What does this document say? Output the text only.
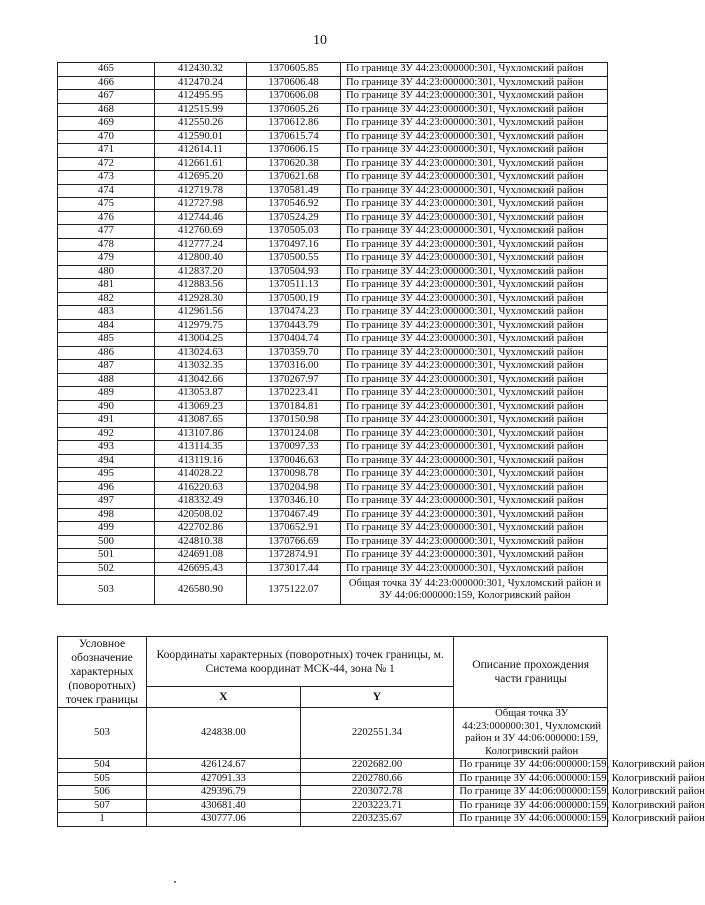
10
465	412430.32	1370605.85	По границе ЗУ 44:23:000000:301, Чухломский район
466	412470.24	1370606.48	По границе ЗУ 44:23:000000:301, Чухломский район
467	412495.95	1370606.08	По границе ЗУ 44:23:000000:301, Чухломский район
468	412515.99	1370605.26	По границе ЗУ 44:23:000000:301, Чухломский район
469	412550.26	1370612.86	По границе ЗУ 44:23:000000:301, Чухломский район
470	412590.01	1370615.74	По границе ЗУ 44:23:000000:301, Чухломский район
471	412614.11	1370606.15	По границе ЗУ 44:23:000000:301, Чухломский район
472	412661.61	1370620.38	По границе ЗУ 44:23:000000:301, Чухломский район
473	412695.20	1370621.68	По границе ЗУ 44:23:000000:301, Чухломский район
474	412719.78	1370581.49	По границе ЗУ 44:23:000000:301, Чухломский район
475	412727.98	1370546.92	По границе ЗУ 44:23:000000:301, Чухломский район
476	412744.46	1370524.29	По границе ЗУ 44:23:000000:301, Чухломский район
477	412760.69	1370505.03	По границе ЗУ 44:23:000000:301, Чухломский район
478	412777.24	1370497.16	По границе ЗУ 44:23:000000:301, Чухломский район
479	412800.40	1370500.55	По границе ЗУ 44:23:000000:301, Чухломский район
480	412837.20	1370504.93	По границе ЗУ 44:23:000000:301, Чухломский район
481	412883.56	1370511.13	По границе ЗУ 44:23:000000:301, Чухломский район
482	412928.30	1370500.19	По границе ЗУ 44:23:000000:301, Чухломский район
483	412961.56	1370474.23	По границе ЗУ 44:23:000000:301, Чухломский район
484	412979.75	1370443.79	По границе ЗУ 44:23:000000:301, Чухломский район
485	413004.25	1370404.74	По границе ЗУ 44:23:000000:301, Чухломский район
486	413024.63	1370359.70	По границе ЗУ 44:23:000000:301, Чухломский район
487	413032.35	1370316.00	По границе ЗУ 44:23:000000:301, Чухломский район
488	413042.66	1370267.97	По границе ЗУ 44:23:000000:301, Чухломский район
489	413053.87	1370223.41	По границе ЗУ 44:23:000000:301, Чухломский район
490	413069.23	1370184.81	По границе ЗУ 44:23:000000:301, Чухломский район
491	413087.65	1370150.98	По границе ЗУ 44:23:000000:301, Чухломский район
492	413107.86	1370124.08	По границе ЗУ 44:23:000000:301, Чухломский район
493	413114.35	1370097.33	По границе ЗУ 44:23:000000:301, Чухломский район
494	413119.16	1370046.63	По границе ЗУ 44:23:000000:301, Чухломский район
495	414028.22	1370098.78	По границе ЗУ 44:23:000000:301, Чухломский район
496	416220.63	1370204.98	По границе ЗУ 44:23:000000:301, Чухломский район
497	418332.49	1370346.10	По границе ЗУ 44:23:000000:301, Чухломский район
498	420508.02	1370467.49	По границе ЗУ 44:23:000000:301, Чухломский район
499	422702.86	1370652.91	По границе ЗУ 44:23:000000:301, Чухломский район
500	424810.38	1370766.69	По границе ЗУ 44:23:000000:301, Чухломский район
501	424691.08	1372874.91	По границе ЗУ 44:23:000000:301, Чухломский район
502	426695.43	1373017.44	По границе ЗУ 44:23:000000:301, Чухломский район
503	426580.90	1375122.07	Общая точка ЗУ 44:23:000000:301, Чухломский район и ЗУ 44:06:000000:159, Кологривский район
Условное обозначение характерных (поворотных) точек границы	Координаты характерных (поворотных) точек границы, м. Система координат МСК-44, зона № 1		Описание прохождения части границы
	X	Y	
503	424838.00	2202551.34	Общая точка ЗУ 44:23:000000:301, Чухломский район и ЗУ 44:06:000000:159, Кологривский район
504	426124.67	2202682.00	По границе ЗУ 44:06:000000:159, Кологривский район
505	427091.33	2202780.66	По границе ЗУ 44:06:000000:159, Кологривский район
506	429396.79	2203072.78	По границе ЗУ 44:06:000000:159, Кологривский район
507	430681.40	2203223.71	По границе ЗУ 44:06:000000:159, Кологривский район
1	430777.06	2203235.67	По границе ЗУ 44:06:000000:159, Кологривский район
